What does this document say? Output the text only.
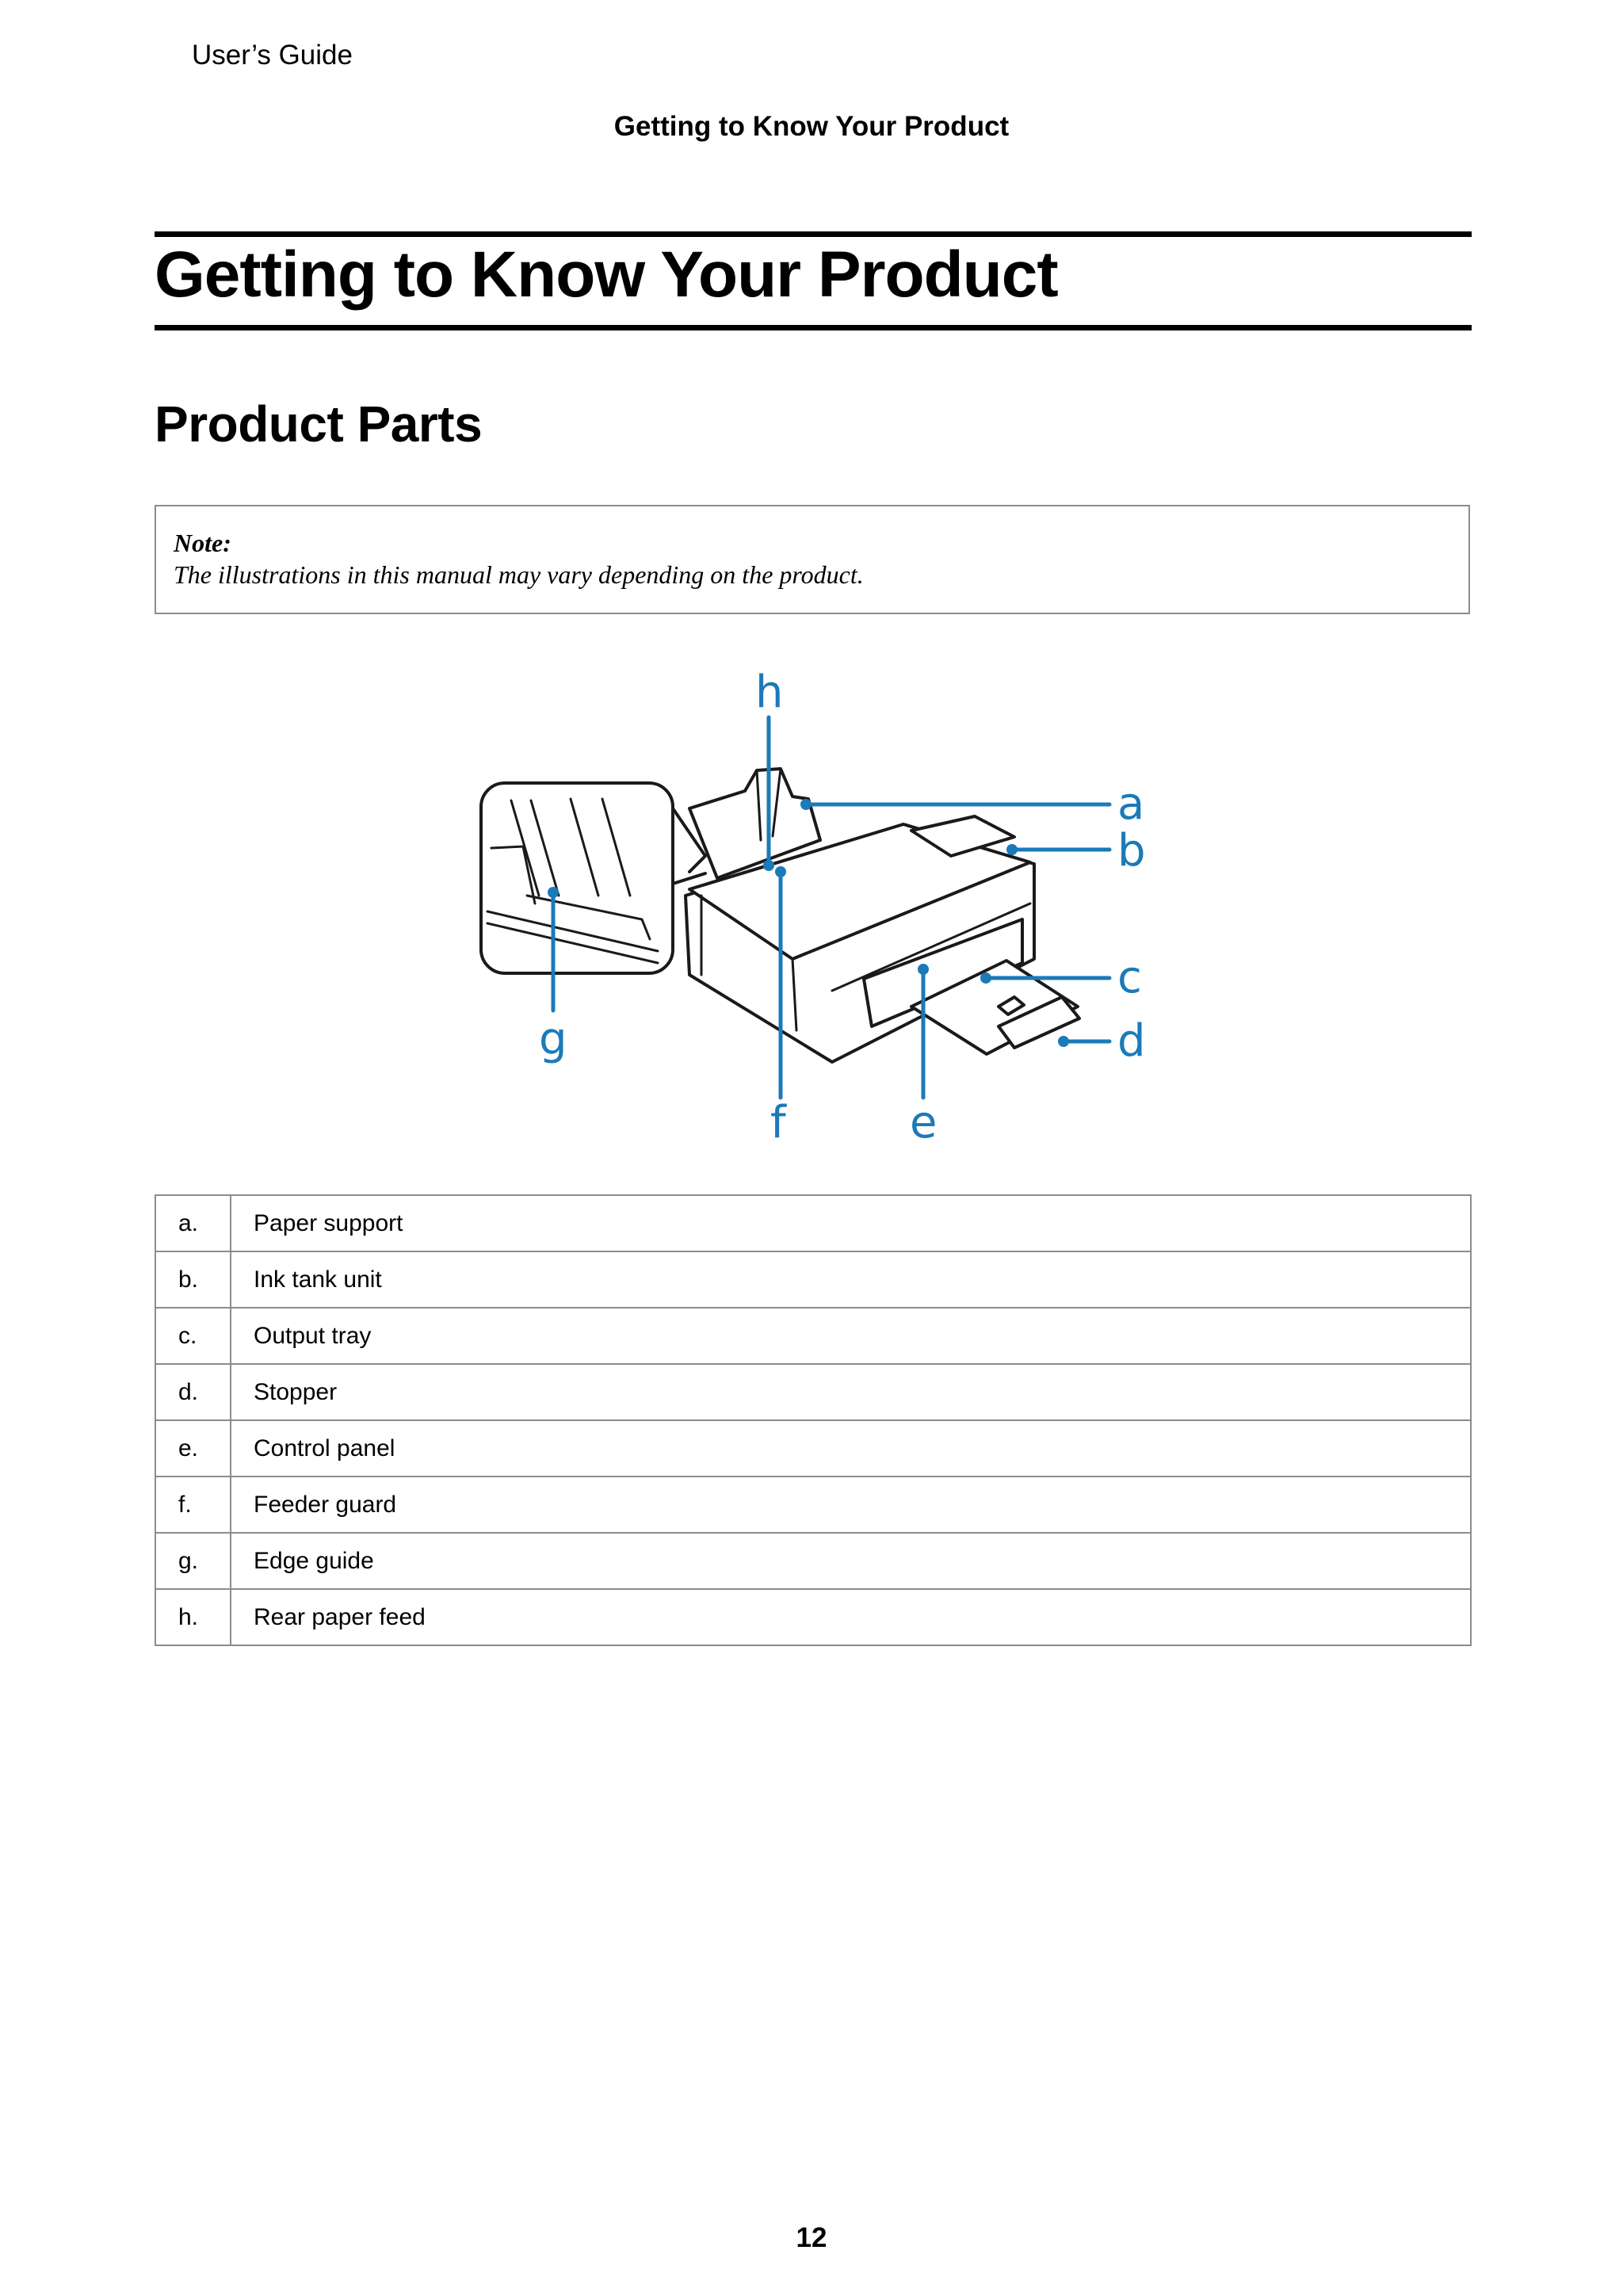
User’s Guide
Getting to Know Your Product
Getting to Know Your Product
Product Parts
Note:
The illustrations in this manual may vary depending on the product.
a
b
c
d
e
f
g
h
a.	Paper support
b.	Ink tank unit
c.	Output tray
d.	Stopper
e.	Control panel
f.	Feeder guard
g.	Edge guide
h.	Rear paper feed
12
